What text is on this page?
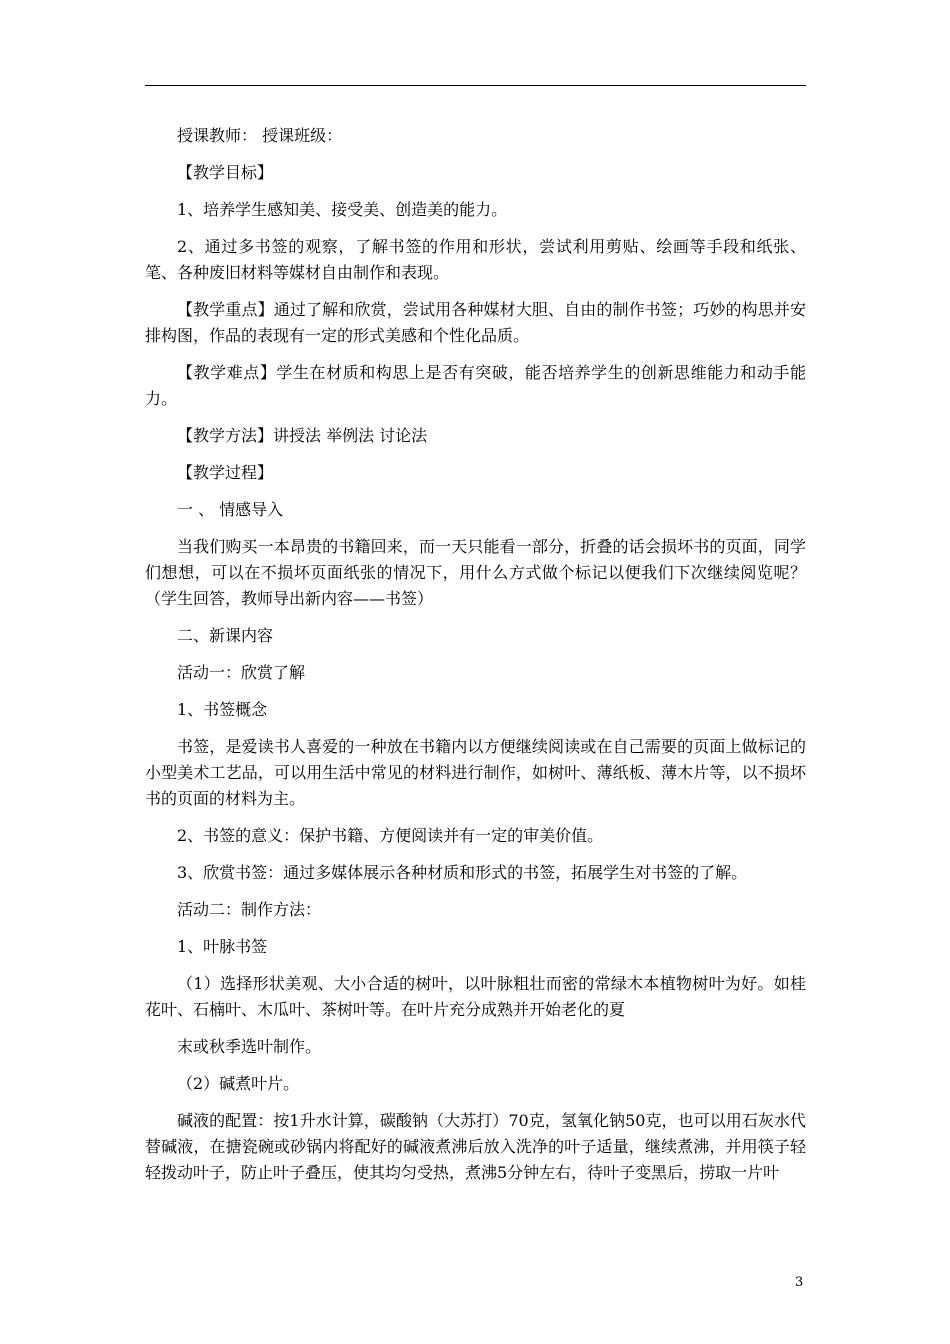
授课教师： 授课班级：

【教学目标】

1、培养学生感知美、接受美、创造美的能力。

2、通过多书签的观察，了解书签的作用和形状，尝试利用剪贴、绘画等手段和纸张、笔、各种废旧材料等媒材自由制作和表现。

【教学重点】通过了解和欣赏，尝试用各种媒材大胆、自由的制作书签；巧妙的构思并安排构图，作品的表现有一定的形式美感和个性化品质。

【教学难点】学生在材质和构思上是否有突破，能否培养学生的创新思维能力和动手能力。

【教学方法】讲授法 举例法 讨论法

【教学过程】

一 、 情感导入

当我们购买一本昂贵的书籍回来，而一天只能看一部分，折叠的话会损坏书的页面，同学们想想，可以在不损坏页面纸张的情况下，用什么方式做个标记以便我们下次继续阅览呢？（学生回答，教师导出新内容——书签）

二、新课内容

活动一：欣赏了解

1、书签概念

书签，是爱读书人喜爱的一种放在书籍内以方便继续阅读或在自己需要的页面上做标记的小型美术工艺品，可以用生活中常见的材料进行制作，如树叶、薄纸板、薄木片等，以不损坏书的页面的材料为主。

2、书签的意义：保护书籍、方便阅读并有一定的审美价值。

3、欣赏书签：通过多媒体展示各种材质和形式的书签，拓展学生对书签的了解。

活动二：制作方法：

1、叶脉书签

（1）选择形状美观、大小合适的树叶，以叶脉粗壮而密的常绿木本植物树叶为好。如桂花叶、石楠叶、木瓜叶、茶树叶等。在叶片充分成熟并开始老化的夏

末或秋季选叶制作。

（2）碱煮叶片。

碱液的配置：按1升水计算，碳酸钠（大苏打）70克，氢氧化钠50克，也可以用石灰水代替碱液，在搪瓷碗或砂锅内将配好的碱液煮沸后放入洗净的叶子适量，继续煮沸，并用筷子轻轻拨动叶子，防止叶子叠压，使其均匀受热，煮沸5分钟左右，待叶子变黑后，捞取一片叶

3
